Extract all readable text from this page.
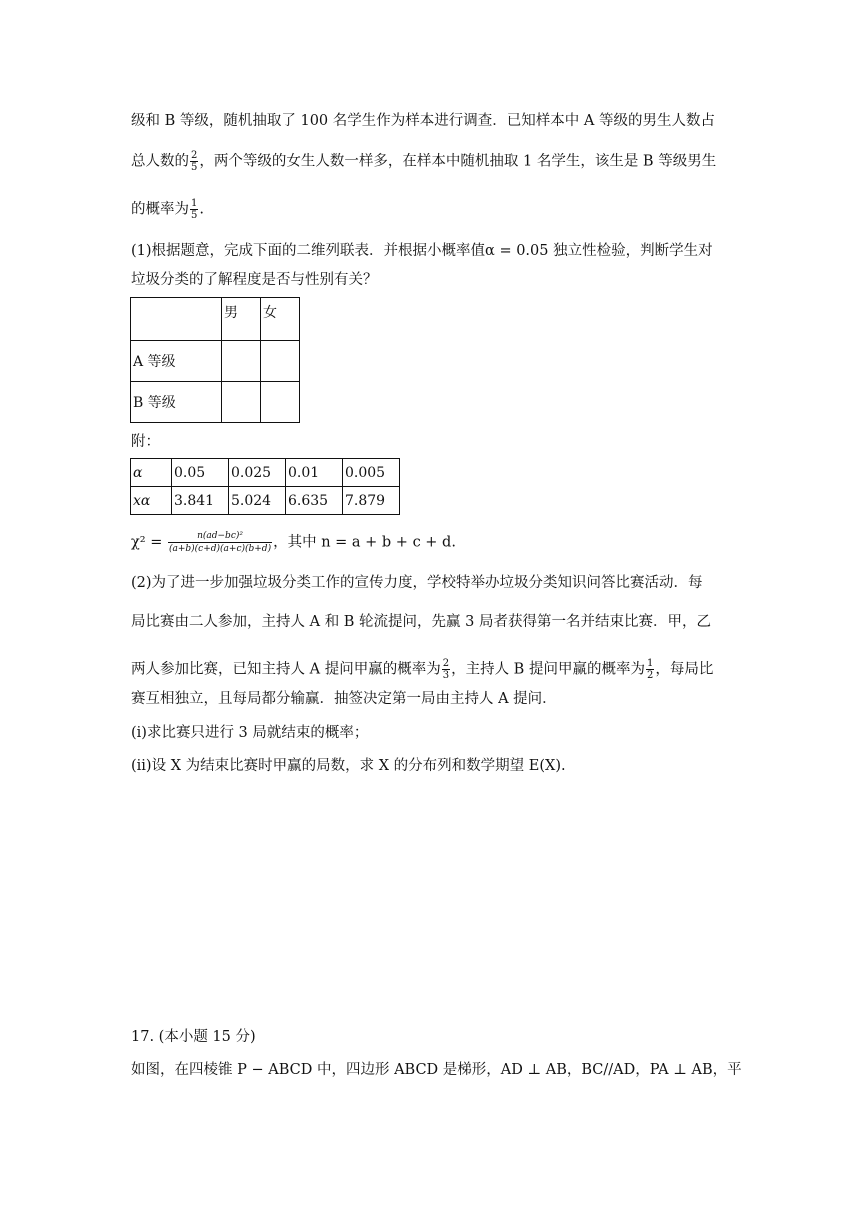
级和 B 等级，随机抽取了 100 名学生作为样本进行调查．已知样本中 A 等级的男生人数占
总人数的 $\frac{2}{5}$ ，两个等级的女生人数一样多，在样本中随机抽取 1 名学生，该生是 B 等级男生
的概率为 $\frac{1}{5}$ .
(1)根据题意，完成下面的二维列联表．并根据小概率值α = 0.05 独立性检验，判断学生对
垃圾分类的了解程度是否与性别有关？
	男	女
A 等级		
B 等级		
附：
α	0.05	0.025	0.01	0.005
xα	3.841	5.024	6.635	7.879
$\chi^2 = \frac{\text{n(ad−bc)²}}{(a+b)(c+d)(a+c)(b+d)}$ ，其中 n = a + b + c + d.
(2)为了进一步加强垃圾分类工作的宣传力度，学校特举办垃圾分类知识问答比赛活动．每
局比赛由二人参加，主持人 A 和 B 轮流提问，先赢 3 局者获得第一名并结束比赛．甲，乙
两人参加比赛，已知主持人 A 提问甲赢的概率为 $\frac{2}{3}$ ，主持人 B 提问甲赢的概率为 $\frac{1}{2}$ ，每局比
赛互相独立，且每局都分输赢．抽签决定第一局由主持人 A 提问．
(i)求比赛只进行 3 局就结束的概率；
(ii)设 X 为结束比赛时甲赢的局数，求 X 的分布列和数学期望 E(X).
17. (本小题 15 分)
如图，在四棱锥 P − ABCD 中，四边形 ABCD 是梯形，AD ⊥ AB，BC//AD，PA ⊥ AB，平
